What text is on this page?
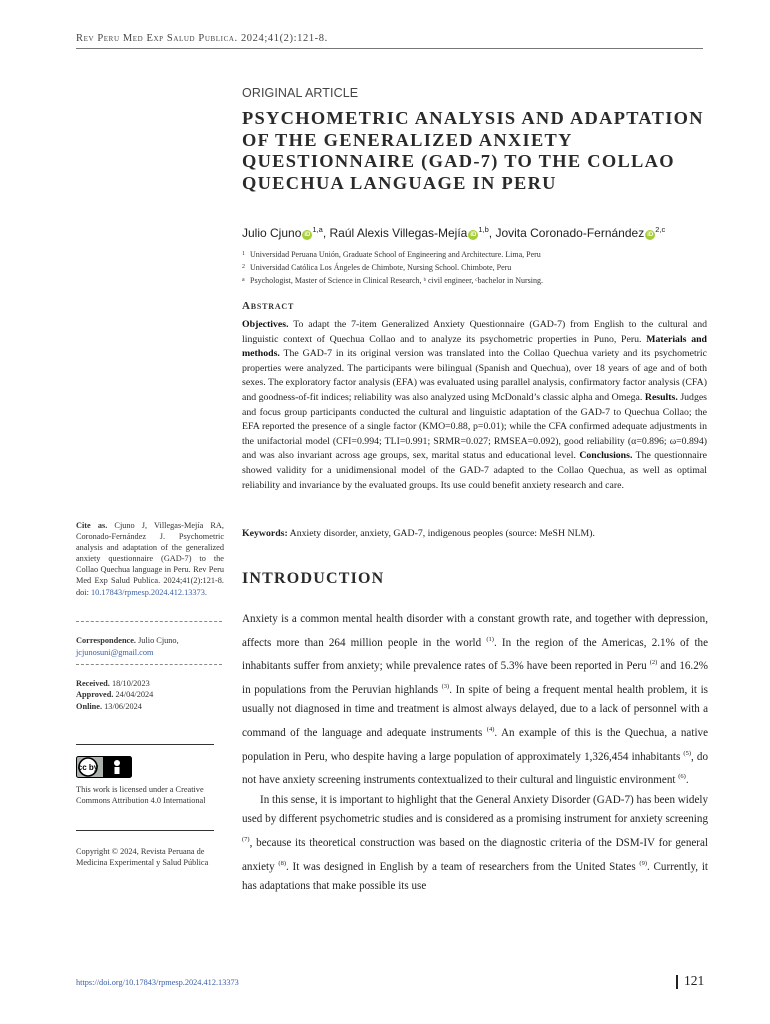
Rev Peru Med Exp Salud Publica. 2024;41(2):121-8.
ORIGINAL ARTICLE
PSYCHOMETRIC ANALYSIS AND ADAPTATION OF THE GENERALIZED ANXIETY QUESTIONNAIRE (GAD-7) TO THE COLLAO QUECHUA LANGUAGE IN PERU
Julio Cjuno iD$^{1,a}$, Raúl Alexis Villegas-Mejía iD$^{1,b}$, Jovita Coronado-Fernández iD$^{2,c}$
1 Universidad Peruana Unión, Graduate School of Engineering and Architecture. Lima, Peru
2 Universidad Católica Los Ángeles de Chimbote, Nursing School. Chimbote, Peru
a Psychologist, Master of Science in Clinical Research, ᵇ civil engineer, ᶜbachelor in Nursing.
Abstract

Objectives. To adapt the 7-item Generalized Anxiety Questionnaire (GAD-7) from English to the cultural and linguistic context of Quechua Collao and to analyze its psychometric properties in Puno, Peru. Materials and methods. The GAD-7 in its original version was translated into the Collao Quechua variety and its psychometric properties were analyzed. The participants were bilingual (Spanish and Quechua), over 18 years of age and of both sexes. The exploratory factor analysis (EFA) was evaluated using parallel analysis, confirmatory factor analysis (CFA) and goodness-of-fit indices; reliability was also analyzed using McDonald’s classic alpha and Omega. Results. Judges and focus group participants conducted the cultural and linguistic adaptation of the GAD-7 to Quechua Collao; the EFA reported the presence of a single factor (KMO=0.88, p=0.01); while the CFA confirmed adequate adjustments in the unifactorial model (CFI=0.994; TLI=0.991; SRMR=0.027; RMSEA=0.092), good reliability (α=0.896; ω=0.894) and was also invariant across age groups, sex, marital status and educational level. Conclusions. The questionnaire showed validity for a unidimensional model of the GAD-7 adapted to the Collao Quechua, as well as optimal reliability and invariance by the evaluated groups. Its use could benefit anxiety research and care.

Keywords: Anxiety disorder, anxiety, GAD-7, indigenous peoples (source: MeSH NLM).
INTRODUCTION

Anxiety is a common mental health disorder with a constant growth rate, and together with depression, affects more than 264 million people in the world $^{(1)}$. In the region of the Americas, 2.1% of the inhabitants suffer from anxiety; while prevalence rates of 5.3% have been reported in Peru $^{(2)}$ and 16.2% in populations from the Peruvian highlands $^{(3)}$. In spite of being a frequent mental health problem, it is usually not diagnosed in time and treatment is almost always delayed, due to a lack of personnel with a command of the language and adequate instruments $^{(4)}$. An example of this is the Quechua, a native population in Peru, who despite having a large population of approximately 1,326,454 inhabitants $^{(5)}$, do not have anxiety screening instruments contextualized to their cultural and linguistic environment $^{(6)}$.

In this sense, it is important to highlight that the General Anxiety Disorder (GAD-7) has been widely used by different psychometric studies and is considered as a promising instrument for anxiety screening $^{(7)}$, because its theoretical construction was based on the diagnostic criteria of the DSM-IV for general anxiety $^{(8)}$. It was designed in English by a team of researchers from the United States $^{(9)}$. Currently, it has adaptations that make possible its use

Cite as. Cjuno J, Villegas-Mejía RA, Coronado-Fernández J. Psychometric analysis and adaptation of the generalized anxiety questionnaire (GAD-7) to the Collao Quechua language in Peru. Rev Peru Med Exp Salud Publica. 2024;41(2):121-8. doi: 10.17843/rpmesp.2024.412.13373.
Correspondence. Julio Cjuno,
jcjunosuni@gmail.com
Received. 18/10/2023
Approved. 24/04/2024
Online. 13/06/2024
cc by
This work is licensed under a Creative Commons Attribution 4.0 International
Copyright © 2024, Revista Peruana de Medicina Experimental y Salud Pública
https://doi.org/10.17843/rpmesp.2024.412.13373	121
